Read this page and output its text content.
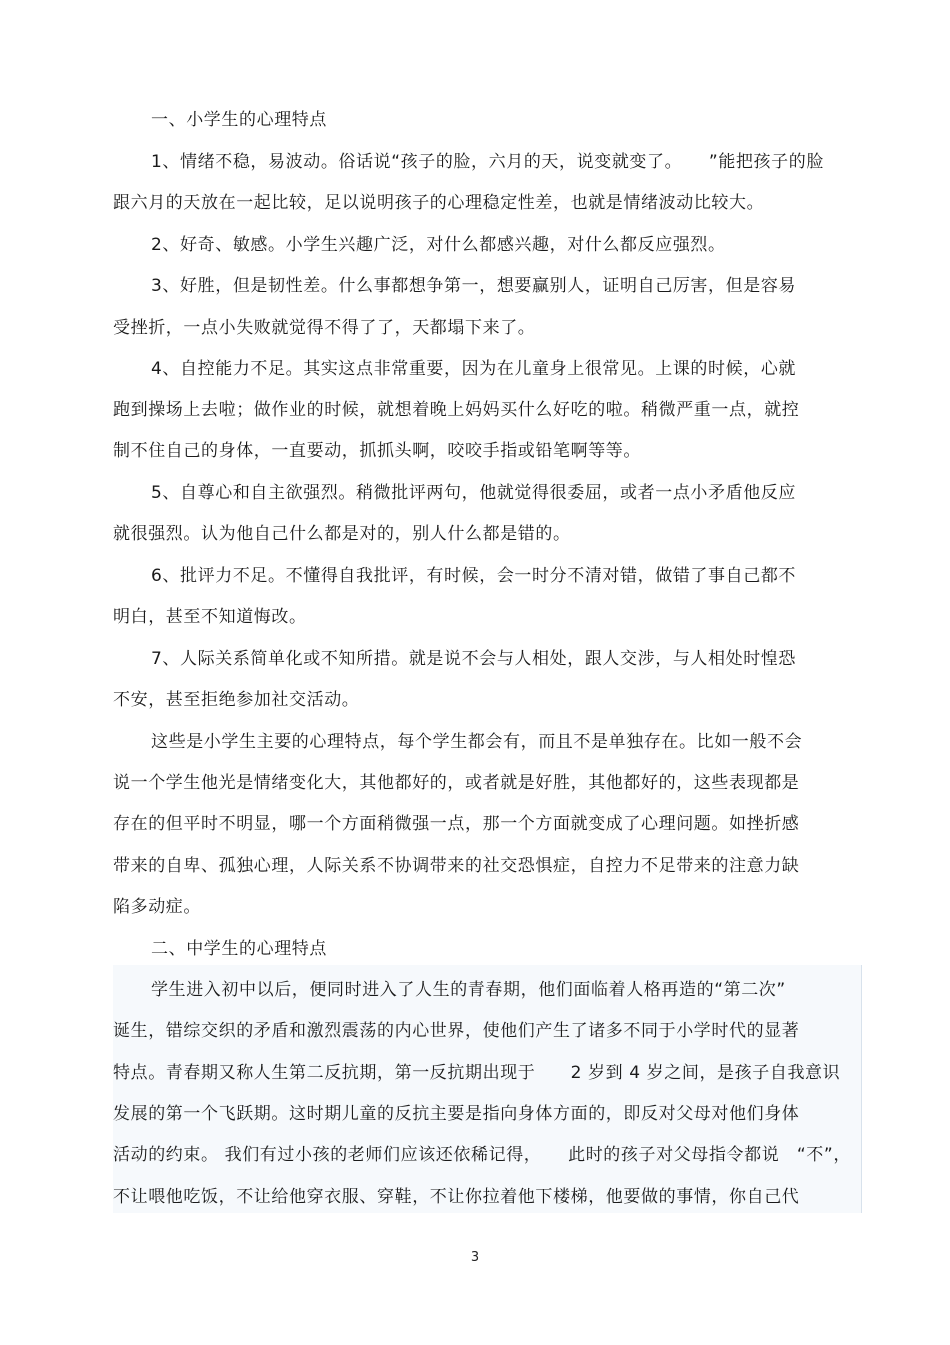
一、小学生的心理特点
1、情绪不稳，易波动。俗话说“孩子的脸，六月的天，说变就变了。　　”能把孩子的脸
跟六月的天放在一起比较，足以说明孩子的心理稳定性差，也就是情绪波动比较大。
2、好奇、敏感。小学生兴趣广泛，对什么都感兴趣，对什么都反应强烈。
3、好胜，但是韧性差。什么事都想争第一，想要赢别人，证明自己厉害，但是容易
受挫折，一点小失败就觉得不得了了，天都塌下来了。
4、自控能力不足。其实这点非常重要，因为在儿童身上很常见。上课的时候，心就
跑到操场上去啦；做作业的时候，就想着晚上妈妈买什么好吃的啦。稍微严重一点，就控
制不住自己的身体，一直要动，抓抓头啊，咬咬手指或铅笔啊等等。
5、自尊心和自主欲强烈。稍微批评两句，他就觉得很委屈，或者一点小矛盾他反应
就很强烈。认为他自己什么都是对的，别人什么都是错的。
6、批评力不足。不懂得自我批评，有时候，会一时分不清对错，做错了事自己都不
明白，甚至不知道悔改。
7、人际关系简单化或不知所措。就是说不会与人相处，跟人交涉，与人相处时惶恐
不安，甚至拒绝参加社交活动。
这些是小学生主要的心理特点，每个学生都会有，而且不是单独存在。比如一般不会
说一个学生他光是情绪变化大，其他都好的，或者就是好胜，其他都好的，这些表现都是
存在的但平时不明显，哪一个方面稍微强一点，那一个方面就变成了心理问题。如挫折感
带来的自卑、孤独心理，人际关系不协调带来的社交恐惧症，自控力不足带来的注意力缺
陷多动症。
二、中学生的心理特点
学生进入初中以后，便同时进入了人生的青春期，他们面临着人格再造的“第二次”
诞生，错综交织的矛盾和激烈震荡的内心世界，使他们产生了诸多不同于小学时代的显著
特点。青春期又称人生第二反抗期，第一反抗期出现于　　2 岁到 4 岁之间，是孩子自我意识
发展的第一个飞跃期。这时期儿童的反抗主要是指向身体方面的，即反对父母对他们身体
活动的约束。 我们有过小孩的老师们应该还依稀记得，　　此时的孩子对父母指令都说　“不”，
不让喂他吃饭，不让给他穿衣服、穿鞋，不让你拉着他下楼梯，他要做的事情，你自己代
3
